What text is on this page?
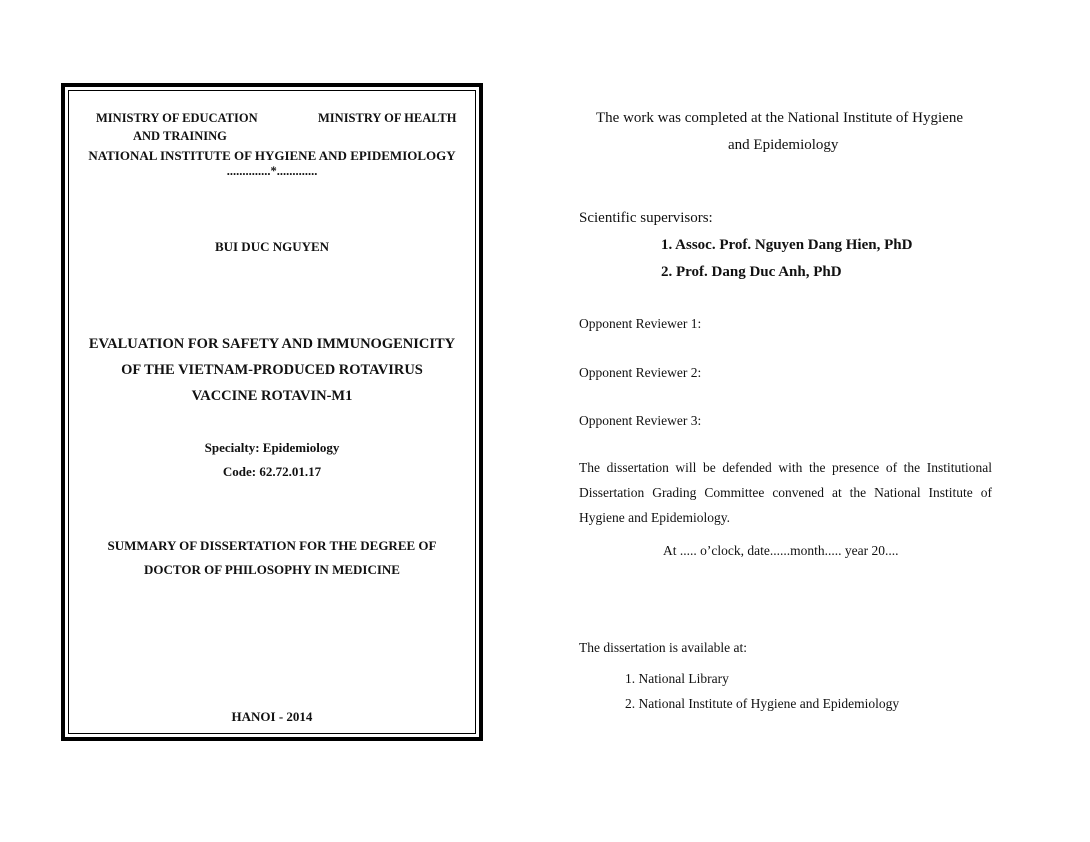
MINISTRY OF EDUCATION
AND TRAINING
MINISTRY OF HEALTH
NATIONAL INSTITUTE OF HYGIENE AND EPIDEMIOLOGY
..............*.............
BUI DUC NGUYEN
EVALUATION FOR SAFETY AND IMMUNOGENICITY
OF THE VIETNAM-PRODUCED ROTAVIRUS
VACCINE ROTAVIN-M1
Specialty: Epidemiology
Code: 62.72.01.17
SUMMARY OF DISSERTATION FOR THE DEGREE OF
DOCTOR OF PHILOSOPHY IN MEDICINE
HANOI - 2014
The work was completed at the National Institute of Hygiene
and Epidemiology
Scientific supervisors:
1. Assoc. Prof. Nguyen Dang Hien, PhD
2. Prof. Dang Duc Anh, PhD
Opponent Reviewer 1:
Opponent Reviewer 2:
Opponent Reviewer 3:
The dissertation will be defended with the presence of the Institutional Dissertation Grading Committee convened at the National Institute of Hygiene and Epidemiology.
At ..... o’clock, date......month..... year 20....
The dissertation is available at:
1. National Library
2. National Institute of Hygiene and Epidemiology
